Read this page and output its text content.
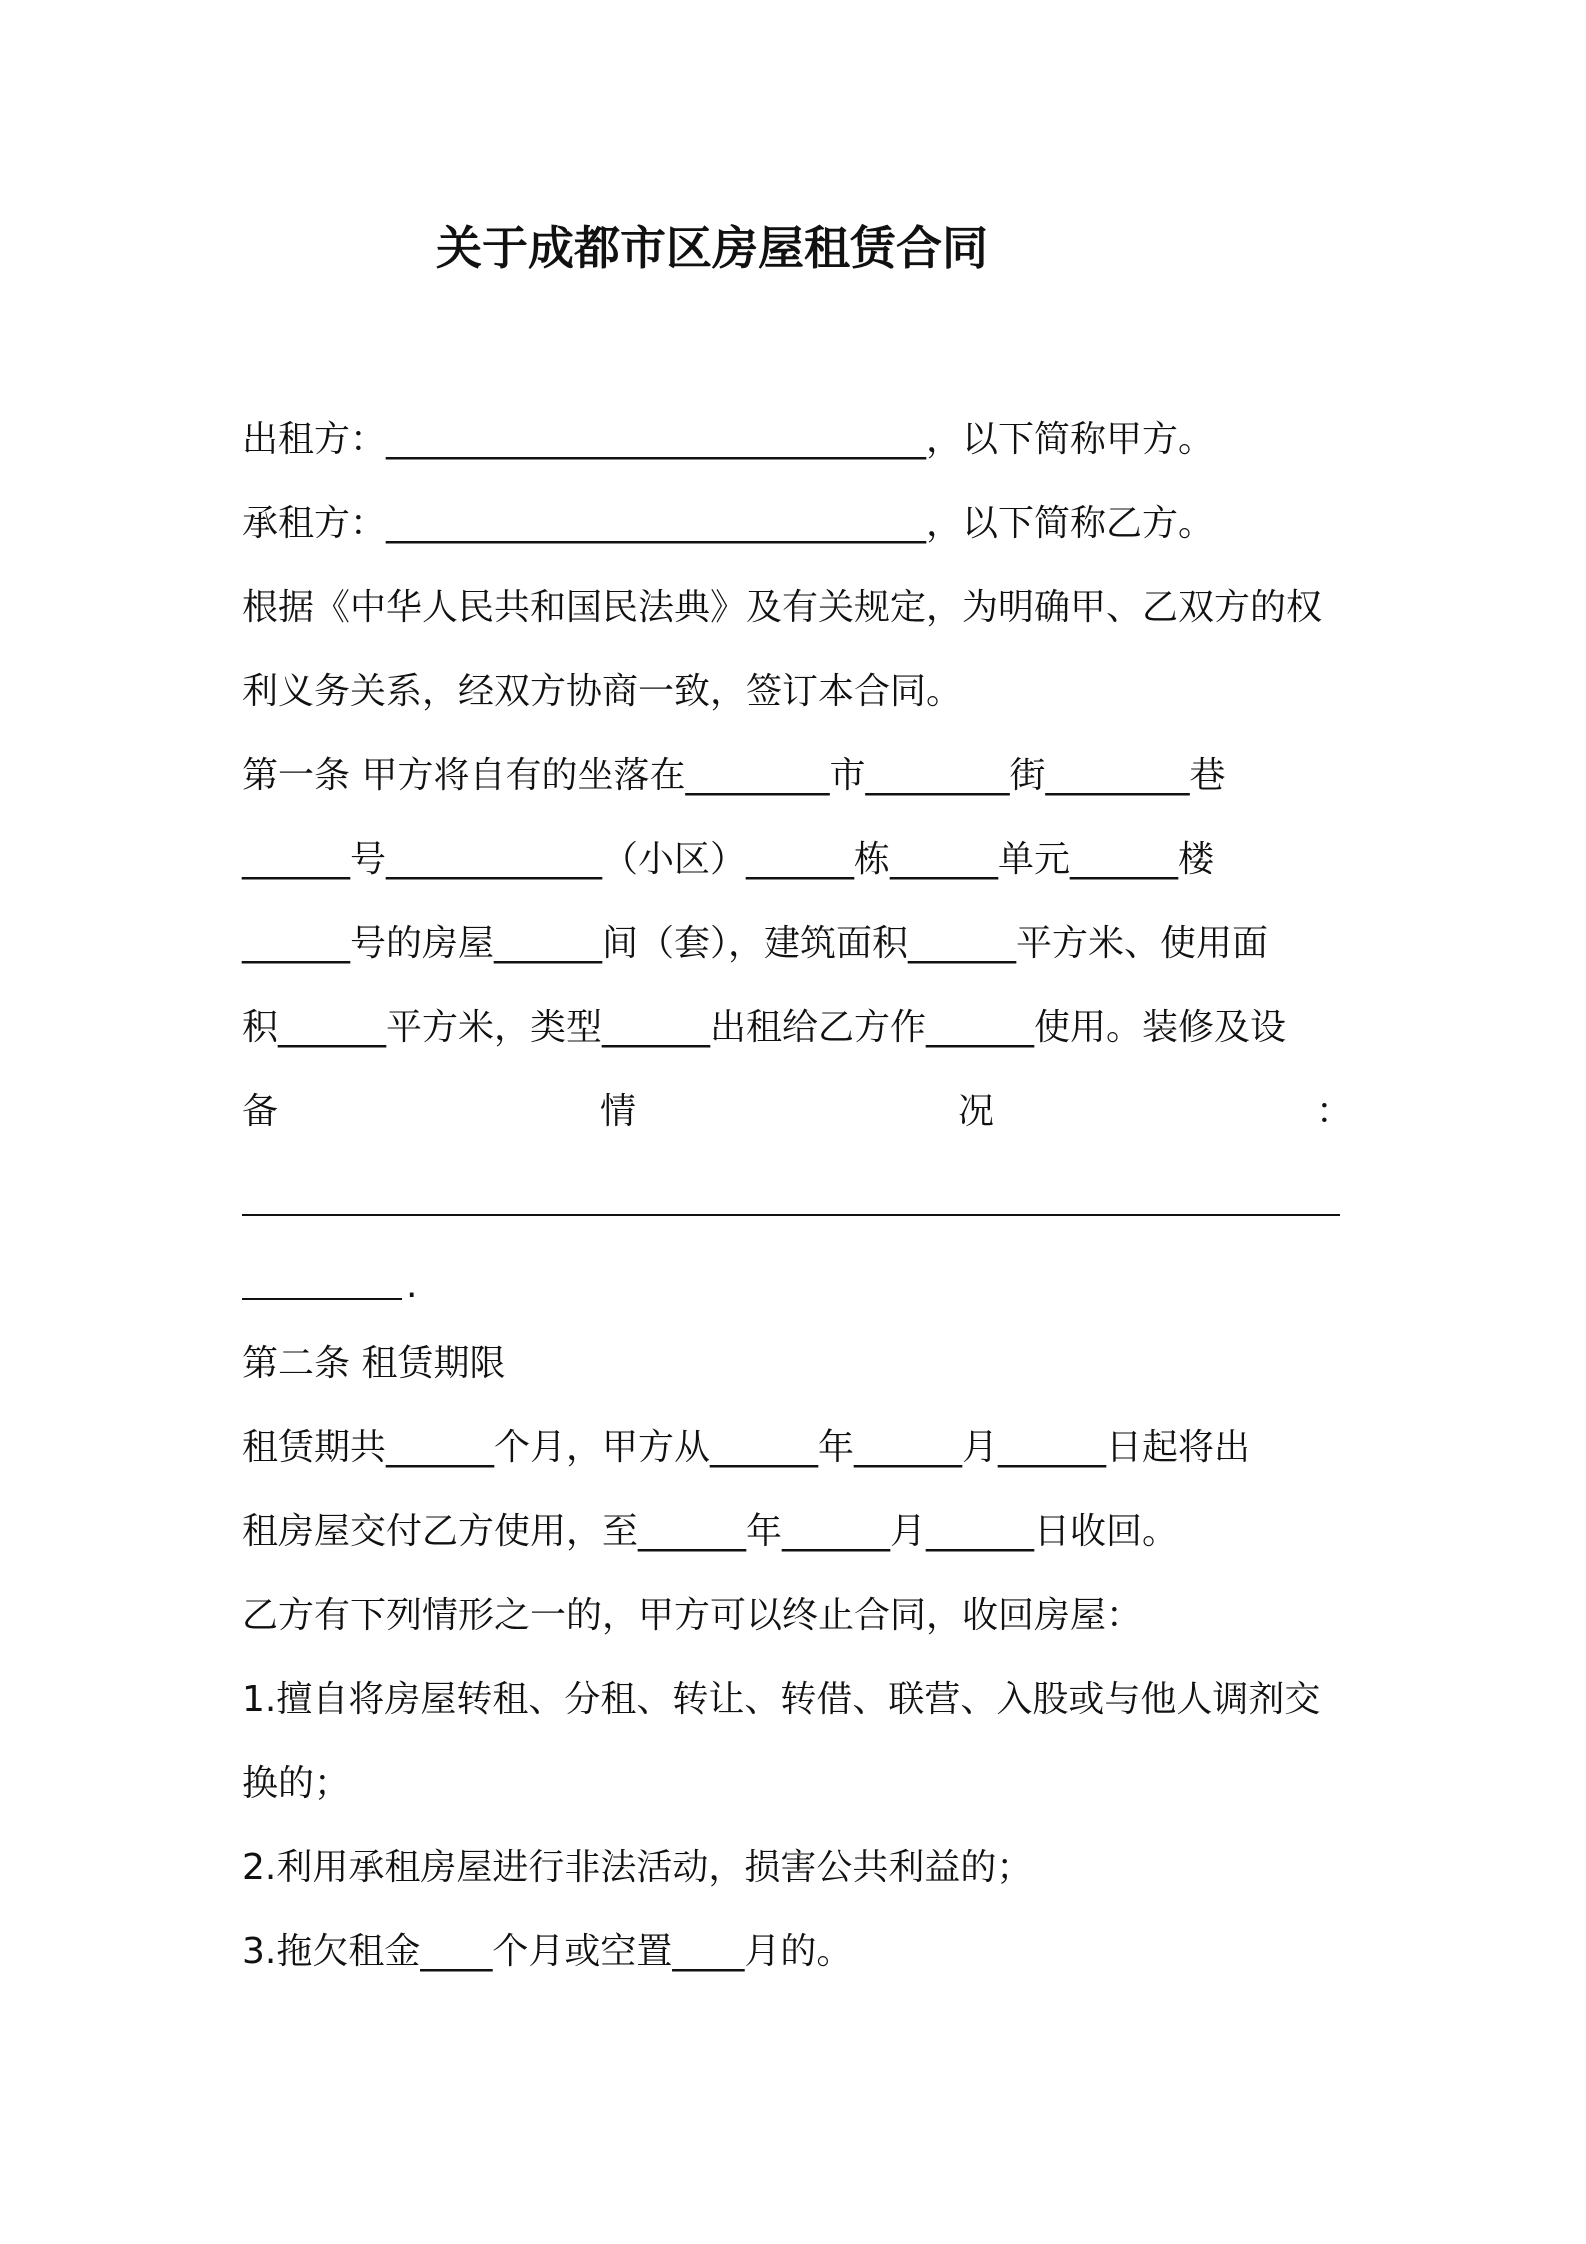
关于成都市区房屋租赁合同
出租方：______________________________，以下简称甲方。
承租方：______________________________，以下简称乙方。
根据《中华人民共和国民法典》及有关规定，为明确甲、乙双方的权
利义务关系，经双方协商一致，签订本合同。
第一条 甲方将自有的坐落在________市________街________巷
______号____________（小区）______栋______单元______楼
______号的房屋______间（套），建筑面积______平方米、使用面
积______平方米，类型______出租给乙方作______使用。装修及设
备	情	况	：
.
第二条 租赁期限
租赁期共______个月，甲方从______年______月______日起将出
租房屋交付乙方使用，至______年______月______日收回。
乙方有下列情形之一的，甲方可以终止合同，收回房屋：
1.擅自将房屋转租、分租、转让、转借、联营、入股或与他人调剂交
换的；
2.利用承租房屋进行非法活动，损害公共利益的；
3.拖欠租金____个月或空置____月的。
